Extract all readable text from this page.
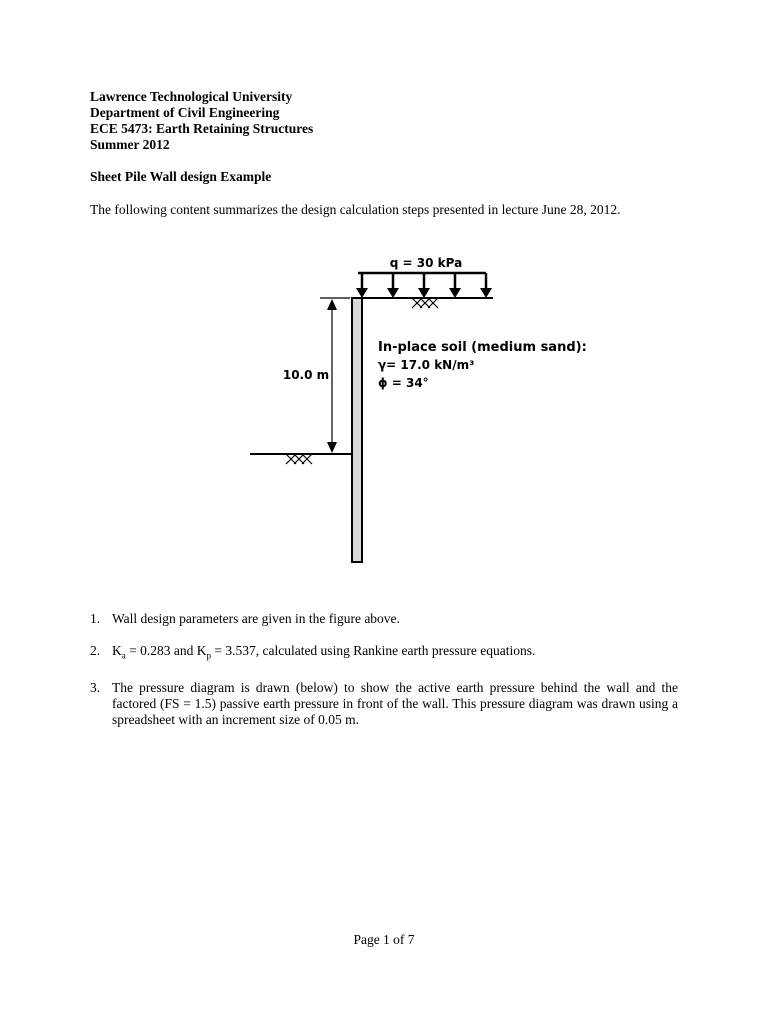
Lawrence Technological University
Department of Civil Engineering
ECE 5473: Earth Retaining Structures
Summer 2012
Sheet Pile Wall design Example
The following content summarizes the design calculation steps presented in lecture June 28, 2012.
q = 30 kPa
10.0 m
In-place soil (medium sand):
γ= 17.0 kN/m³
ϕ = 34°
1. Wall design parameters are given in the figure above.
2. $K_a = 0.283$ and $K_p = 3.537$, calculated using Rankine earth pressure equations.
3. The pressure diagram is drawn (below) to show the active earth pressure behind the wall and the factored (FS = 1.5) passive earth pressure in front of the wall. This pressure diagram was drawn using a spreadsheet with an increment size of 0.05 m.
Page 1 of 7
